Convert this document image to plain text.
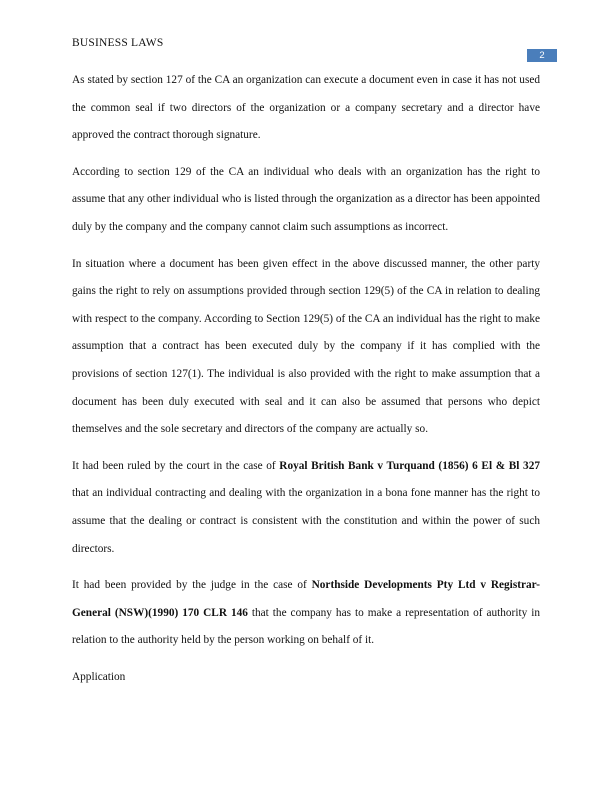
BUSINESS LAWS
2

As stated by section 127 of the CA an organization can execute a document even in case it has not used the common seal if two directors of the organization or a company secretary and a director have approved the contract thorough signature.

According to section 129 of the CA an individual who deals with an organization has the right to assume that any other individual who is listed through the organization as a director has been appointed duly by the company and the company cannot claim such assumptions as incorrect.

In situation where a document has been given effect in the above discussed manner, the other party gains the right to rely on assumptions provided through section 129(5) of the CA in relation to dealing with respect to the company. According to Section 129(5) of the CA an individual has the right to make assumption that a contract has been executed duly by the company if it has complied with the provisions of section 127(1). The individual is also provided with the right to make assumption that a document has been duly executed with seal and it can also be assumed that persons who depict themselves and the sole secretary and directors of the company are actually so.

It had been ruled by the court in the case of Royal British Bank v Turquand (1856) 6 El & Bl 327 that an individual contracting and dealing with the organization in a bona fone manner has the right to assume that the dealing or contract is consistent with the constitution and within the power of such directors.

It had been provided by the judge in the case of Northside Developments Pty Ltd v Registrar-General (NSW)(1990) 170 CLR 146 that the company has to make a representation of authority in relation to the authority held by the person working on behalf of it.

Application
